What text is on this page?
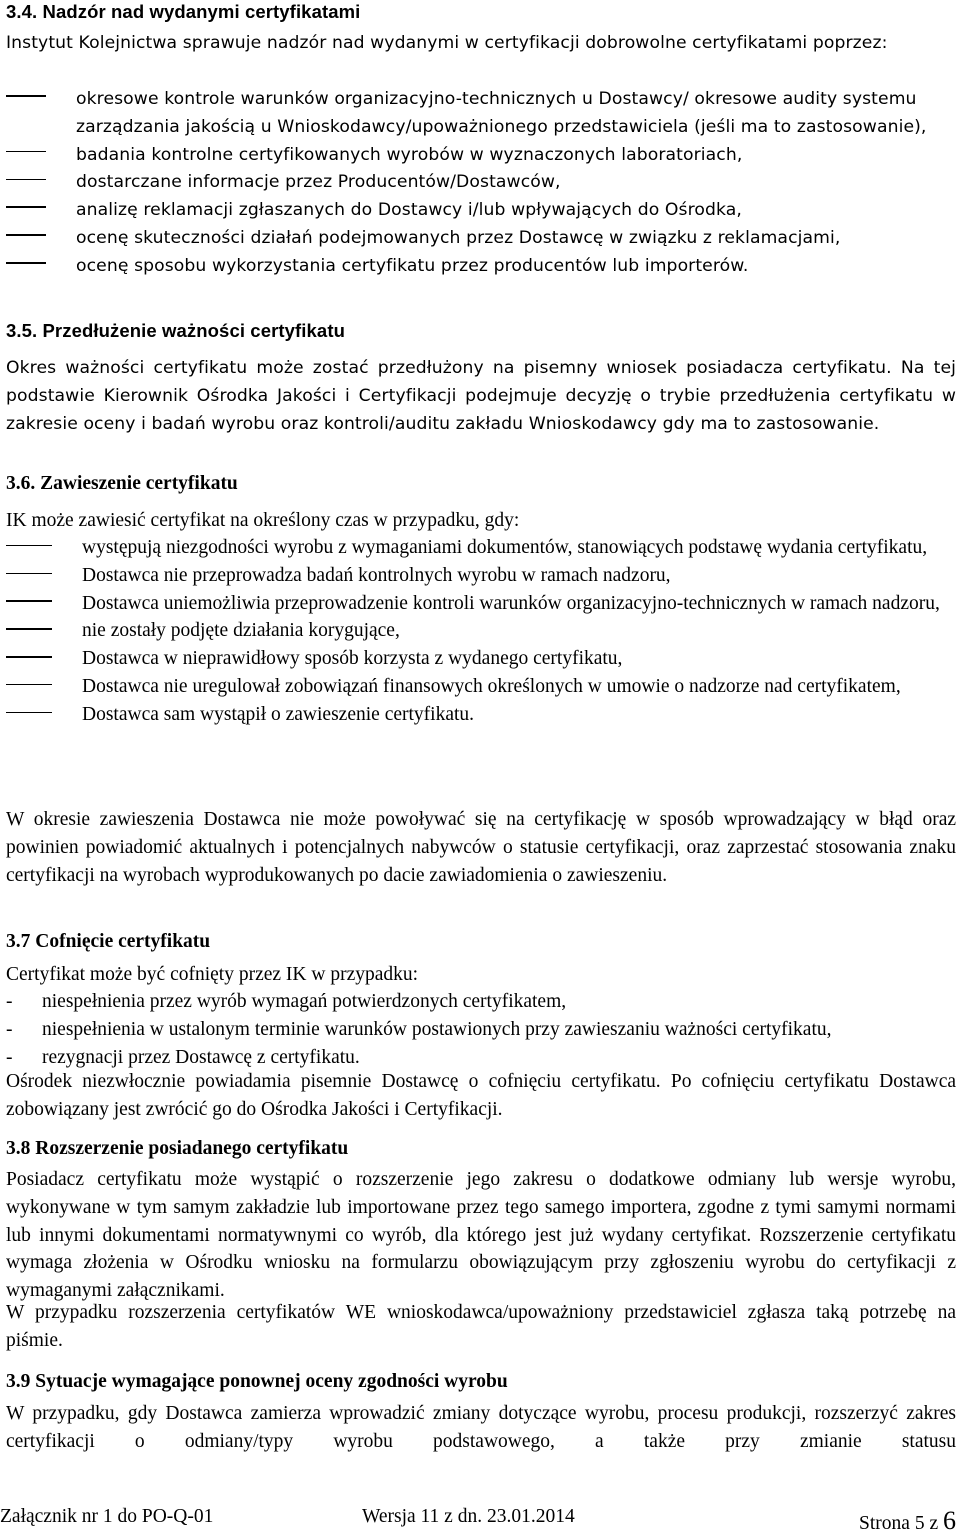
3.4. Nadzór nad wydanymi certyfikatami
Instytut Kolejnictwa sprawuje nadzór nad wydanymi w certyfikacji dobrowolne certyfikatami poprzez:
okresowe kontrole warunków organizacyjno-technicznych u Dostawcy/ okresowe audity systemu zarządzania jakością u Wnioskodawcy/upoważnionego przedstawiciela (jeśli ma to zastosowanie),
badania kontrolne certyfikowanych wyrobów w wyznaczonych laboratoriach,
dostarczane informacje przez Producentów/Dostawców,
analizę reklamacji zgłaszanych do Dostawcy i/lub wpływających do Ośrodka,
ocenę skuteczności działań podejmowanych przez Dostawcę w związku z reklamacjami,
ocenę sposobu wykorzystania certyfikatu przez producentów lub importerów.
3.5. Przedłużenie ważności certyfikatu
Okres ważności certyfikatu może zostać przedłużony na pisemny wniosek posiadacza certyfikatu. Na tej podstawie Kierownik Ośrodka Jakości i Certyfikacji podejmuje decyzję o trybie przedłużenia certyfikatu w zakresie oceny i badań wyrobu oraz kontroli/auditu zakładu Wnioskodawcy gdy ma to zastosowanie.
3.6. Zawieszenie certyfikatu
IK może zawiesić certyfikat na określony czas w przypadku, gdy:
występują niezgodności wyrobu z wymaganiami dokumentów, stanowiących podstawę wydania certyfikatu,
Dostawca nie przeprowadza badań kontrolnych wyrobu w ramach nadzoru,
Dostawca uniemożliwia przeprowadzenie kontroli warunków organizacyjno-technicznych w ramach nadzoru,
nie zostały podjęte działania korygujące,
Dostawca w nieprawidłowy sposób korzysta z wydanego certyfikatu,
Dostawca nie uregulował zobowiązań finansowych określonych w umowie o nadzorze nad certyfikatem,
Dostawca sam wystąpił o zawieszenie certyfikatu.
W okresie zawieszenia Dostawca nie może powoływać się na certyfikację w sposób wprowadzający w błąd oraz powinien powiadomić aktualnych i potencjalnych nabywców o statusie certyfikacji, oraz zaprzestać stosowania znaku certyfikacji na wyrobach wyprodukowanych po dacie zawiadomienia o zawieszeniu.
3.7 Cofnięcie certyfikatu
Certyfikat może być cofnięty przez IK w przypadku:
- niespełnienia przez wyrób wymagań potwierdzonych certyfikatem,
- niespełnienia w ustalonym terminie warunków postawionych przy zawieszaniu ważności certyfikatu,
- rezygnacji przez Dostawcę z certyfikatu.
Ośrodek niezwłocznie powiadamia pisemnie Dostawcę o cofnięciu certyfikatu. Po cofnięciu certyfikatu Dostawca zobowiązany jest zwrócić go do Ośrodka Jakości i Certyfikacji.
3.8 Rozszerzenie posiadanego certyfikatu
Posiadacz certyfikatu może wystąpić o rozszerzenie jego zakresu o dodatkowe odmiany lub wersje wyrobu, wykonywane w tym samym zakładzie lub importowane przez tego samego importera, zgodne z tymi samymi normami lub innymi dokumentami normatywnymi co wyrób, dla którego jest już wydany certyfikat. Rozszerzenie certyfikatu wymaga złożenia w Ośrodku wniosku na formularzu obowiązującym przy zgłoszeniu wyrobu do certyfikacji z wymaganymi załącznikami.
W przypadku rozszerzenia certyfikatów WE wnioskodawca/upoważniony przedstawiciel zgłasza taką potrzebę na piśmie.
3.9 Sytuacje wymagające ponownej oceny zgodności wyrobu
W przypadku, gdy Dostawca zamierza wprowadzić zmiany dotyczące wyrobu, procesu produkcji, rozszerzyć zakres certyfikacji o odmiany/typy wyrobu podstawowego, a także przy zmianie statusu
Załącznik nr 1 do PO-Q-01	Wersja 11 z dn. 23.01.2014	Strona 5 z 6
